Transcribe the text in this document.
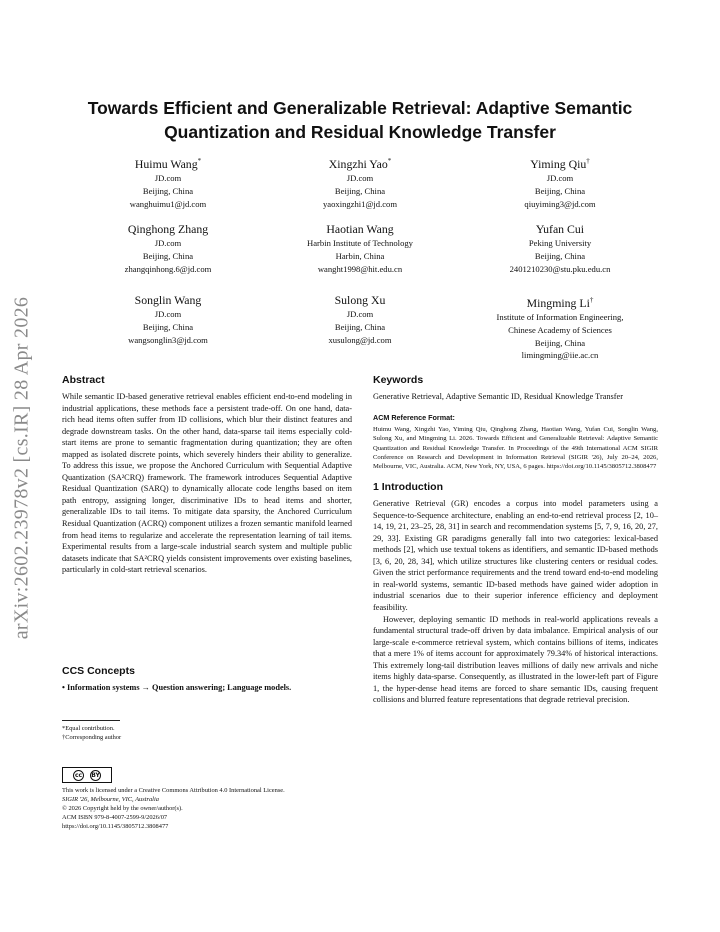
arXiv:2602.23978v2 [cs.IR] 28 Apr 2026
Towards Efficient and Generalizable Retrieval: Adaptive Semantic Quantization and Residual Knowledge Transfer
Huimu Wang*
JD.com
Beijing, China
wanghuimu1@jd.com
Xingzhi Yao*
JD.com
Beijing, China
yaoxingzhi1@jd.com
Yiming Qiu†
JD.com
Beijing, China
qiuyiming3@jd.com
Qinghong Zhang
JD.com
Beijing, China
zhangqinhong.6@jd.com
Haotian Wang
Harbin Institute of Technology
Harbin, China
wanght1998@hit.edu.cn
Yufan Cui
Peking University
Beijing, China
2401210230@stu.pku.edu.cn
Songlin Wang
JD.com
Beijing, China
wangsonglin3@jd.com
Sulong Xu
JD.com
Beijing, China
xusulong@jd.com
Mingming Li†
Institute of Information Engineering,
Chinese Academy of Sciences
Beijing, China
limingming@iie.ac.cn
Abstract

While semantic ID-based generative retrieval enables efficient end-to-end modeling in industrial applications, these methods face a persistent trade-off. On one hand, data-rich head items often suffer from ID collisions, which blur their distinct features and degrade downstream tasks. On the other hand, data-sparse tail items especially cold-start items are prone to semantic fragmentation during quantization; they are often mapped as isolated discrete points, which severely hinders their ability to generalize. To address this issue, we propose the Anchored Curriculum with Sequential Adaptive Quantization (SA²CRQ) framework. The framework introduces Sequential Adaptive Residual Quantization (SARQ) to dynamically allocate code lengths based on item path entropy, assigning longer, discriminative IDs to head items and shorter, generalizable IDs to tail items. To mitigate data sparsity, the Anchored Curriculum Residual Quantization (ACRQ) component utilizes a frozen semantic manifold learned from head items to regularize and accelerate the representation learning of tail items. Experimental results from a large-scale industrial search system and multiple public datasets indicate that SA²CRQ yields consistent improvements over existing baselines, particularly in cold-start retrieval scenarios.

CCS Concepts

• Information systems → Question answering; Language models.

*Equal contribution.
†Corresponding author
cc	BY
This work is licensed under a Creative Commons Attribution 4.0 International License.
SIGIR '26, Melbourne, VIC, Australia
© 2026 Copyright held by the owner/author(s).
ACM ISBN 979-8-4007-2599-9/2026/07
https://doi.org/10.1145/3805712.3808477
Keywords

Generative Retrieval, Adaptive Semantic ID, Residual Knowledge Transfer

ACM Reference Format:

Huimu Wang, Xingzhi Yao, Yiming Qiu, Qinghong Zhang, Haotian Wang, Yufan Cui, Songlin Wang, Sulong Xu, and Mingming Li. 2026. Towards Efficient and Generalizable Retrieval: Adaptive Semantic Quantization and Residual Knowledge Transfer. In Proceedings of the 49th International ACM SIGIR Conference on Research and Development in Information Retrieval (SIGIR '26), July 20–24, 2026, Melbourne, VIC, Australia. ACM, New York, NY, USA, 6 pages. https://doi.org/10.1145/3805712.3808477

1 Introduction

Generative Retrieval (GR) encodes a corpus into model parameters using a Sequence-to-Sequence architecture, enabling an end-to-end retrieval process [2, 10–14, 19, 21, 23–25, 28, 31] in search and recommendation systems [5, 7, 9, 16, 20, 27, 29, 33]. Existing GR paradigms generally fall into two categories: lexical-based methods [2], which use textual tokens as identifiers, and semantic ID-based methods [3, 6, 20, 28, 34], which utilize structures like clustering centers or residual codes. Given the strict performance requirements and the trend toward end-to-end modeling in real-world systems, semantic ID-based methods have gained wider adoption in industrial scenarios due to their superior inference efficiency and deployment feasibility.

However, deploying semantic ID methods in real-world applications reveals a fundamental structural trade-off driven by data imbalance. Empirical analysis of our large-scale e-commerce retrieval system, which contains billions of items, indicates that a mere 1% of items account for approximately 79.34% of historical interactions. This extremely long-tail distribution leaves millions of daily new arrivals and niche items highly data-sparse. Consequently, as illustrated in the lower-left part of Figure 1, the hyper-dense head items are forced to share semantic IDs, causing frequent collisions and blurred feature representations that degrade retrieval precision.
